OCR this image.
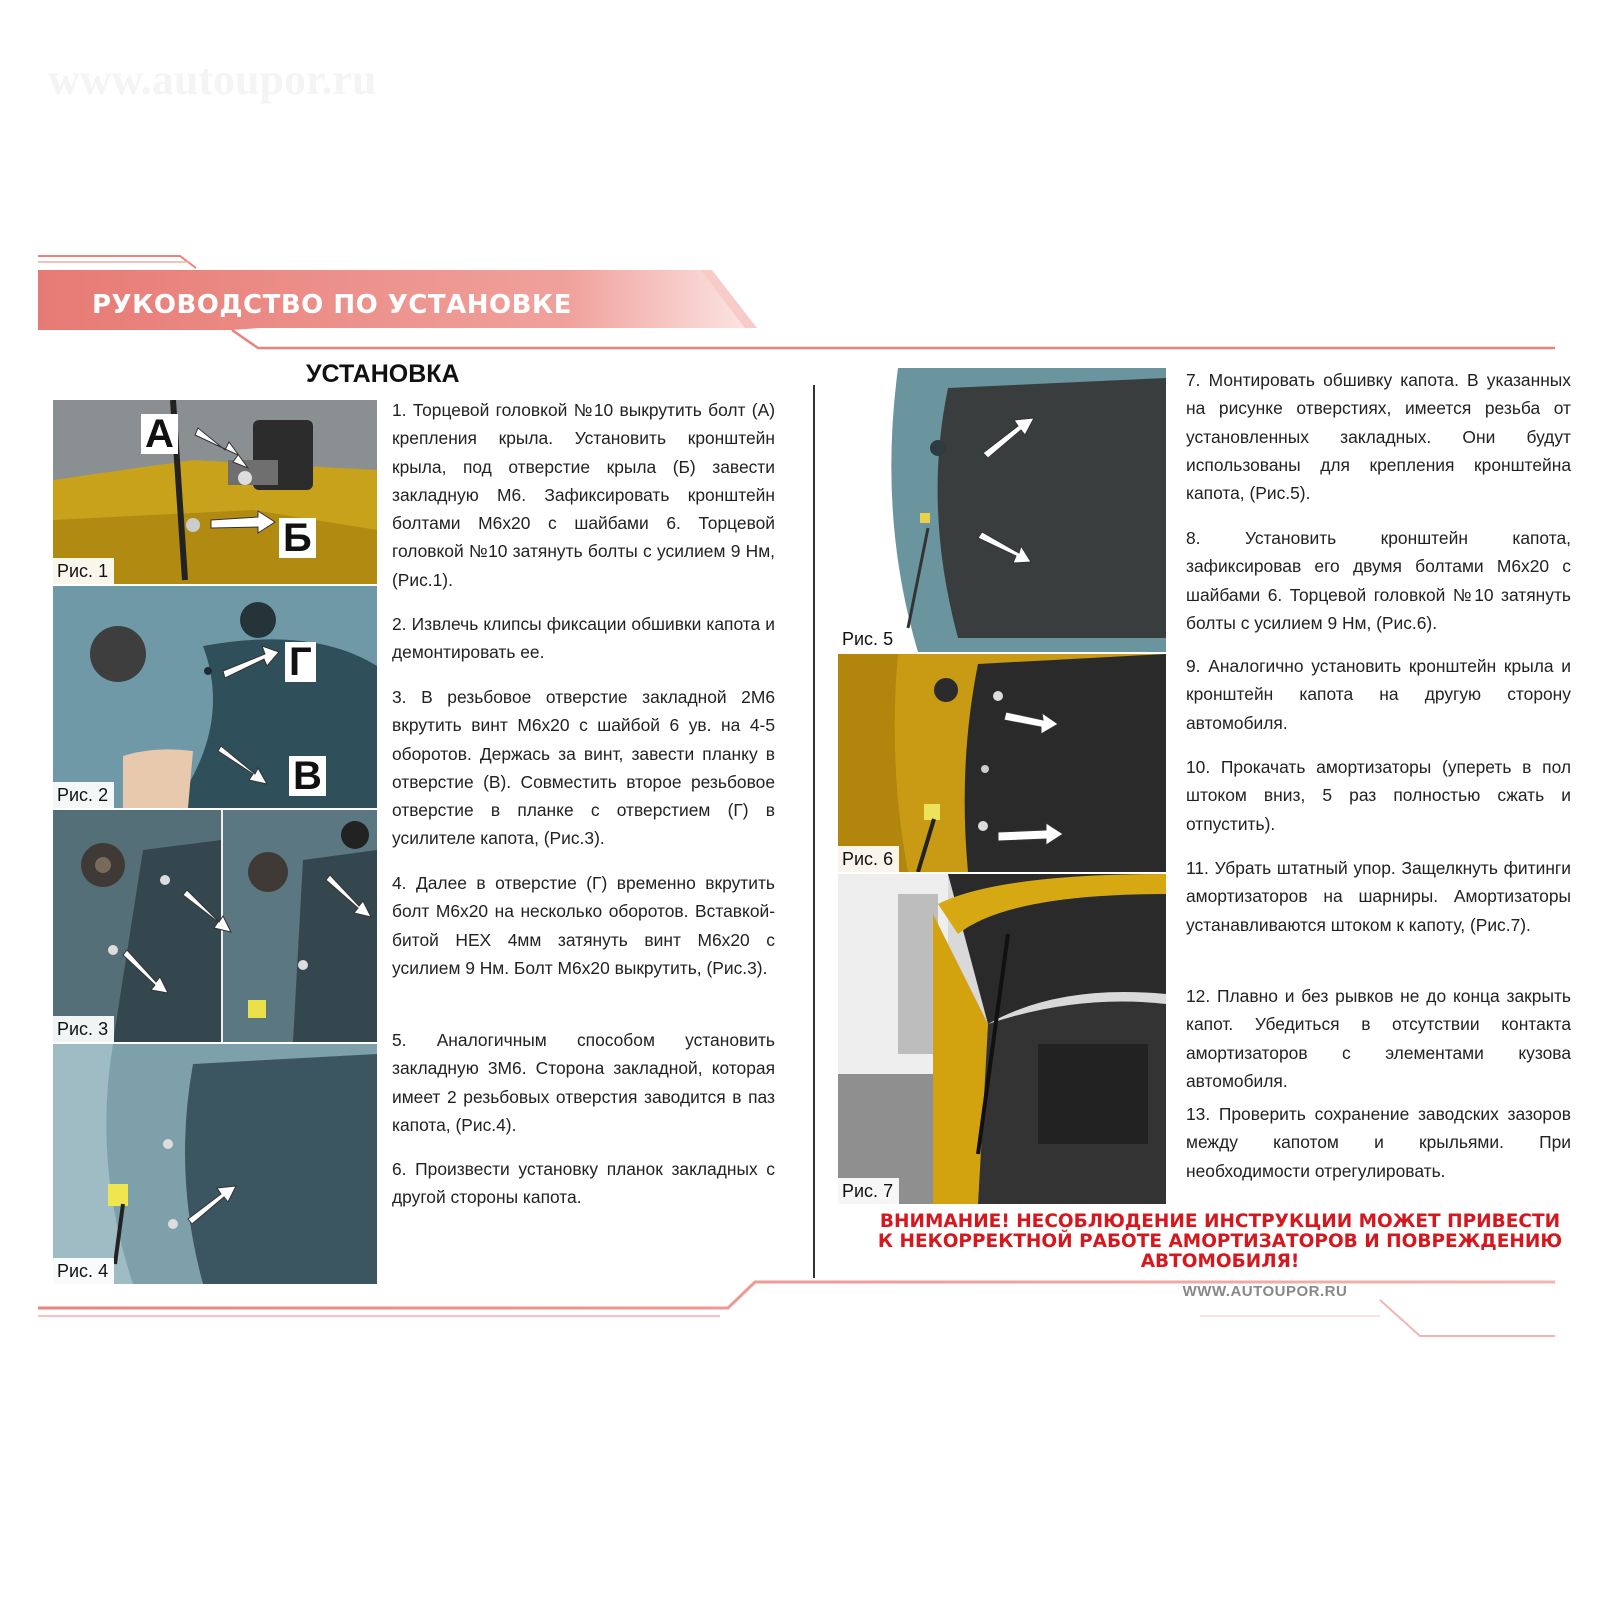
www.autoupor.ru
РУКОВОДСТВО ПО УСТАНОВКЕ
УСТАНОВКА
А
Б
Рис. 1
Г
В
Рис. 2
Рис. 3
Рис. 4

1. Торцевой головкой №10 выкрутить болт (А) крепления крыла. Установить кронштейн крыла, под отверстие крыла (Б) завести закладную М6. Зафиксировать кронштейн болтами М6х20 с шайбами 6. Торцевой головкой №10 затянуть болты с усилием 9 Нм, (Рис.1).

2. Извлечь клипсы фиксации обшивки капота и демонтировать ее.

3. В резьбовое отверстие закладной 2М6 вкрутить винт М6х20 с шайбой 6 ув. на 4-5 оборотов. Держась за винт, завести планку в отверстие (В). Совместить второе резьбовое отверстие в планке с отверстием (Г) в усилителе капота, (Рис.3).

4. Далее в отверстие (Г) временно вкрутить болт М6х20 на несколько оборотов. Вставкой-битой HEX 4мм затянуть винт М6х20 с усилием 9 Нм. Болт М6х20 выкрутить, (Рис.3).

5. Аналогичным способом установить закладную 3М6. Сторона закладной, которая имеет 2 резьбовых отверстия заводится в паз капота, (Рис.4).

6. Произвести установку планок закладных с другой стороны капота.

Рис. 5
Рис. 6
Рис. 7

7. Монтировать обшивку капота. В указанных на рисунке отверстиях, имеется резьба от установленных закладных. Они будут использованы для крепления кронштейна капота, (Рис.5).

8. Установить кронштейн капота, зафиксировав его двумя болтами М6х20 с шайбами 6. Торцевой головкой №10 затянуть болты с усилием 9 Нм, (Рис.6).

9. Аналогично установить кронштейн крыла и кронштейн капота на другую сторону автомобиля.

10. Прокачать амортизаторы (упереть в пол штоком вниз, 5 раз полностью сжать и отпустить).

11. Убрать штатный упор. Защелкнуть фитинги амортизаторов на шарниры. Амортизаторы устанавливаются штоком к капоту, (Рис.7).

12. Плавно и без рывков не до конца закрыть капот. Убедиться в отсутствии контакта амортизаторов с элементами кузова автомобиля.

13. Проверить сохранение заводских зазоров между капотом и крыльями. При необходимости отрегулировать.

ВНИМАНИЕ! НЕСОБЛЮДЕНИЕ ИНСТРУКЦИИ МОЖЕТ ПРИВЕСТИ К НЕКОРРЕКТНОЙ РАБОТЕ АМОРТИЗАТОРОВ И ПОВРЕЖДЕНИЮ АВТОМОБИЛЯ!
WWW.AUTOUPOR.RU
